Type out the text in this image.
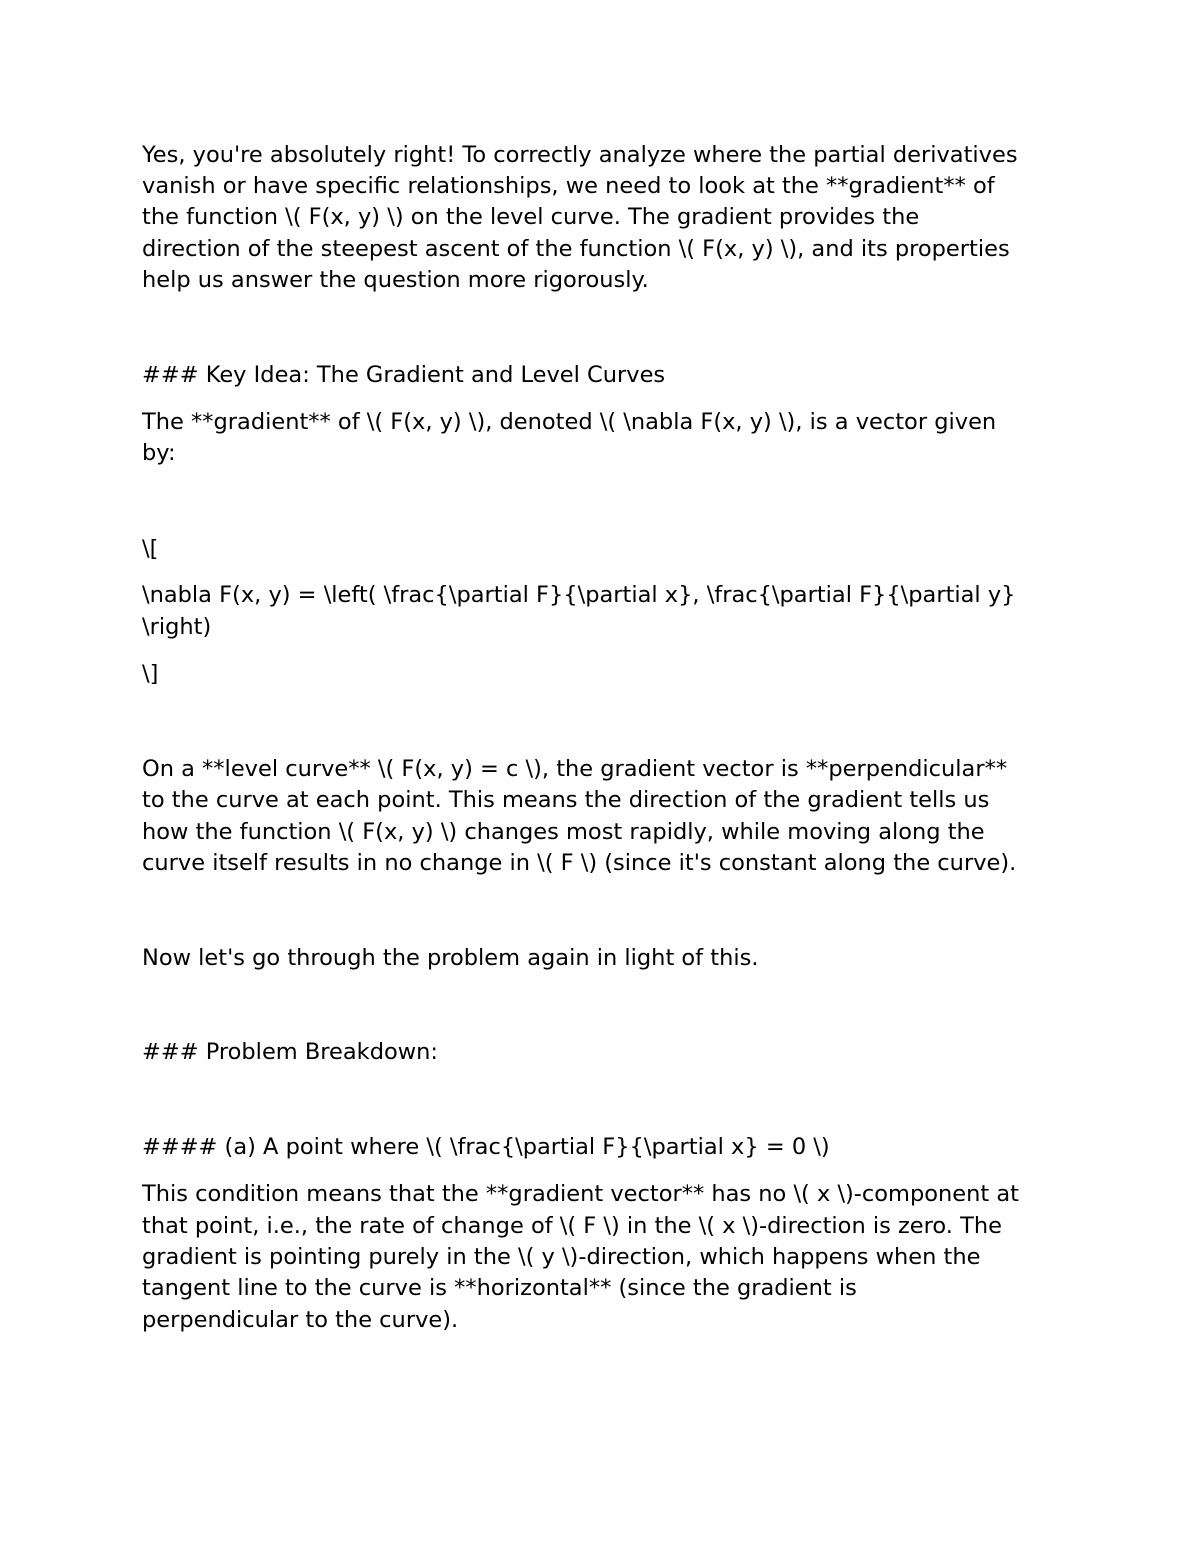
Yes, you're absolutely right! To correctly analyze where the partial derivatives

vanish or have specific relationships, we need to look at the **gradient** of

the function \( F(x, y) \) on the level curve. The gradient provides the

direction of the steepest ascent of the function \( F(x, y) \), and its properties

help us answer the question more rigorously.

### Key Idea: The Gradient and Level Curves

The **gradient** of \( F(x, y) \), denoted \( \nabla F(x, y) \), is a vector given

by:

\[

\nabla F(x, y) = \left( \frac{\partial F}{\partial x}, \frac{\partial F}{\partial y}

\right)

\]

On a **level curve** \( F(x, y) = c \), the gradient vector is **perpendicular**

to the curve at each point. This means the direction of the gradient tells us

how the function \( F(x, y) \) changes most rapidly, while moving along the

curve itself results in no change in \( F \) (since it's constant along the curve).

Now let's go through the problem again in light of this.

### Problem Breakdown:

#### (a) A point where \( \frac{\partial F}{\partial x} = 0 \)

This condition means that the **gradient vector** has no \( x \)-component at

that point, i.e., the rate of change of \( F \) in the \( x \)-direction is zero. The

gradient is pointing purely in the \( y \)-direction, which happens when the

tangent line to the curve is **horizontal** (since the gradient is

perpendicular to the curve).
